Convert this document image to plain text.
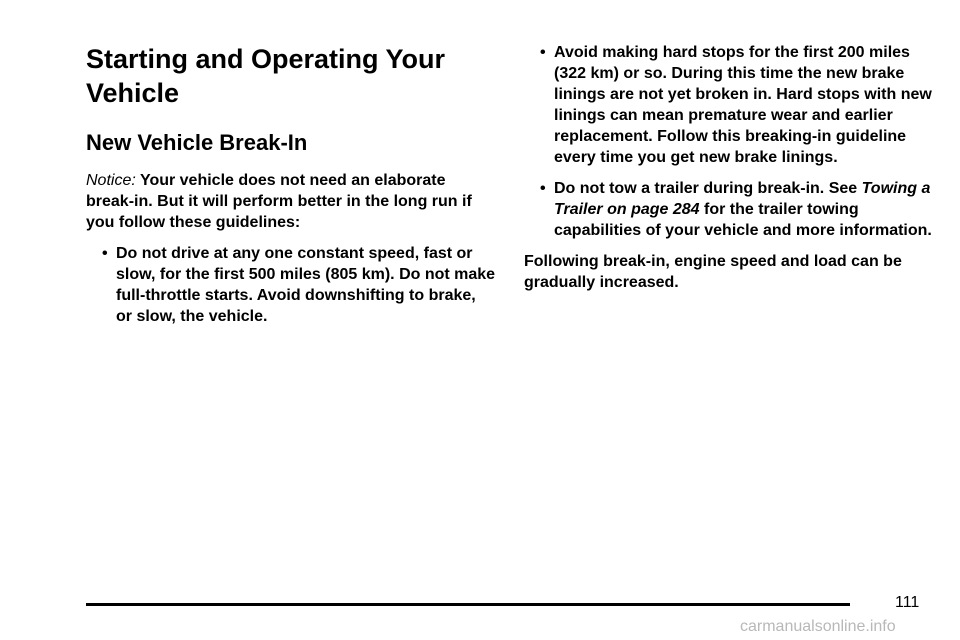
Starting and Operating Your Vehicle
New Vehicle Break-In

Notice: Your vehicle does not need an elaborate break-in. But it will perform better in the long run if you follow these guidelines:

• Do not drive at any one constant speed, fast or slow, for the first 500 miles (805 km). Do not make full-throttle starts. Avoid downshifting to brake, or slow, the vehicle.
• Avoid making hard stops for the first 200 miles (322 km) or so. During this time the new brake linings are not yet broken in. Hard stops with new linings can mean premature wear and earlier replacement. Follow this breaking-in guideline every time you get new brake linings.
• Do not tow a trailer during break-in. See Towing a Trailer on page 284 for the trailer towing capabilities of your vehicle and more information.

Following break-in, engine speed and load can be gradually increased.

111
carmanualsonline.info
